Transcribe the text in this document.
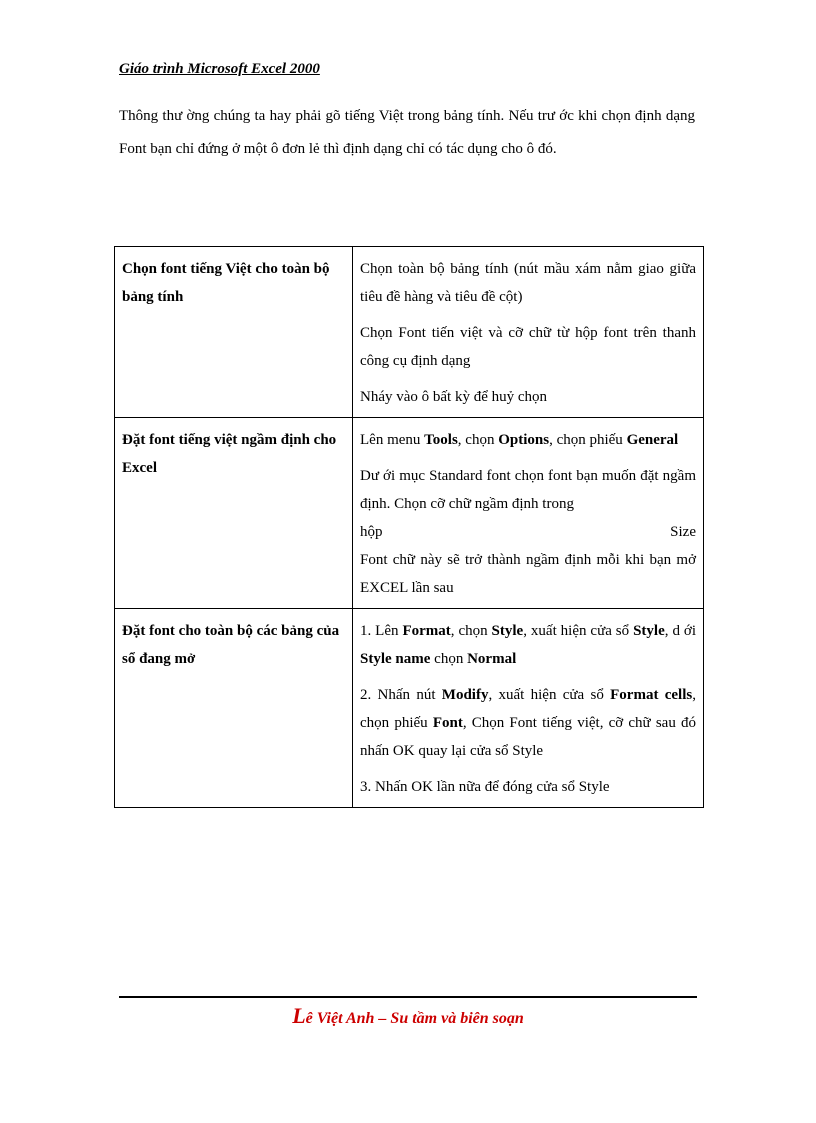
Giáo trình Microsoft Excel 2000
Thông thư ờng chúng ta hay phải gõ tiếng Việt trong bảng tính. Nếu trư ớc khi chọn định dạng Font bạn chỉ đứng ở một ô đơn lẻ thì định dạng chỉ có tác dụng cho ô đó.
Chọn font tiếng Việt cho toàn bộ bảng tính	Chọn toàn bộ bảng tính (nút mầu xám nằm giao giữa tiêu đề hàng và tiêu đề cột)

Chọn Font tiến việt và cỡ chữ từ hộp font trên thanh công cụ định dạng

Nháy vào ô bất kỳ để huỷ chọn

Đặt font tiếng việt ngầm định cho Excel	Lên menu Tools, chọn Options, chọn phiếu General

Dư ới mục Standard font chọn font bạn muốn đặt ngầm định. Chọn cỡ chữ ngầm định trong
hộp Size
Font chữ này sẽ trở thành ngầm định mỗi khi bạn mở EXCEL lần sau

Đặt font cho toàn bộ các bảng của sổ đang mở	1. Lên Format, chọn Style, xuất hiện cửa sổ Style, d ới Style name chọn Normal

2. Nhấn nút Modify, xuất hiện cửa sổ Format cells, chọn phiếu Font, Chọn Font tiếng việt, cỡ chữ sau đó nhấn OK quay lại cửa sổ Style

3. Nhấn OK lần nữa để đóng cửa sổ Style

Lê Việt Anh – Su tầm và biên soạn
